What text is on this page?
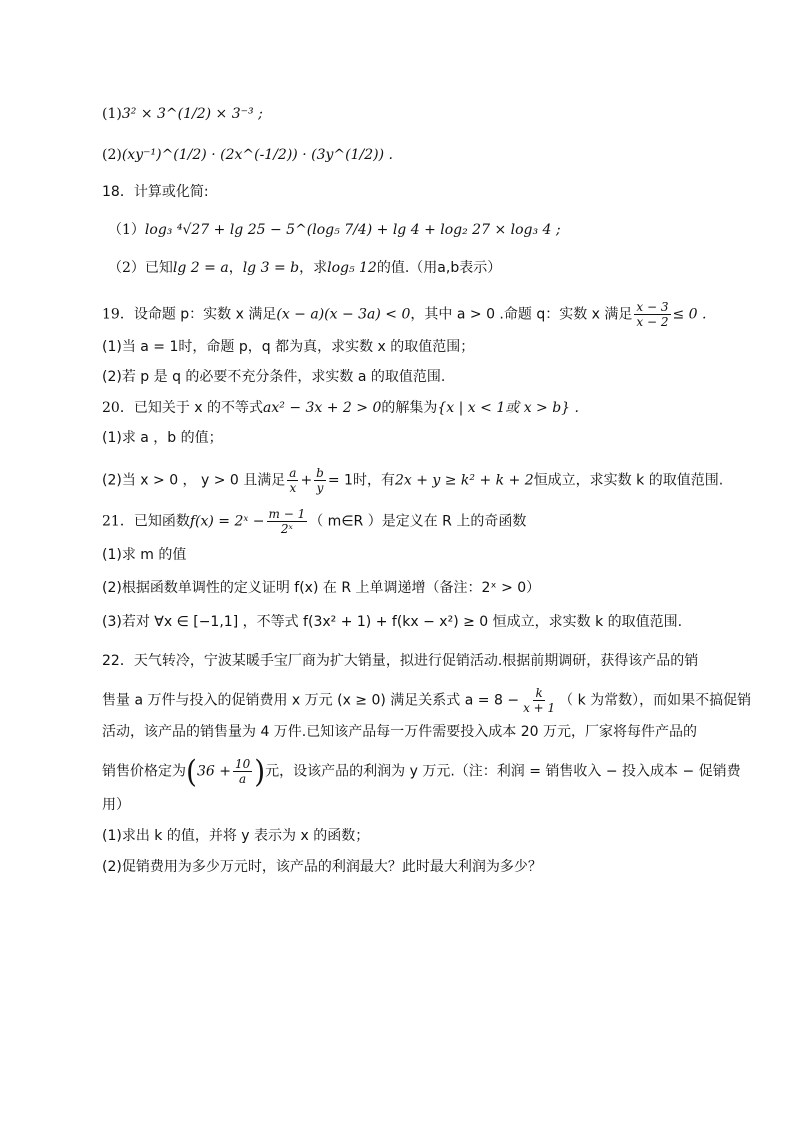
(1)3² × 3^(1/2) × 3⁻³ ;
(2)(xy⁻¹)^(1/2) · (2x^(-1/2)) · (3y^(1/2)) .
18．计算或化简:
（1）log₃ ⁴√27 + lg 25 − 5^(log₅ 7/4) + lg 4 + log₂ 27 × log₃ 4 ;
（2）已知lg 2 = a，lg 3 = b，求log₅ 12的值.（用a,b表示）
19．设命题 p：实数 x 满足(x − a)(x − 3a) < 0，其中 a > 0 .命题 q：实数 x 满足 $\frac{x - 3}{x - 2} \le 0$ .
(1)当 a = 1时，命题 p，q 都为真，求实数 x 的取值范围；
(2)若 p 是 q 的必要不充分条件，求实数 a 的取值范围.
20．已知关于 x 的不等式ax² − 3x + 2 > 0的解集为{x | x < 1或 x > b} .
(1)求 a ，b 的值；
(2)当 x > 0 ， y > 0 且满足 $\frac{a}{x} + \frac{b}{y} = 1$时，有2x + y ≥ k² + k + 2恒成立，求实数 k 的取值范围.
21．已知函数f(x) = 2ˣ − $\frac{m - 1}{\text{2ˣ}}$ （ m∈R ）是定义在 R 上的奇函数
(1)求 m 的值
(2)根据函数单调性的定义证明 f(x) 在 R 上单调递增（备注：2ˣ > 0）
(3)若对 ∀x ∈ [−1,1] ，不等式 f(3x² + 1) + f(kx − x²) ≥ 0 恒成立，求实数 k 的取值范围.
22．天气转冷，宁波某暖手宝厂商为扩大销量，拟进行促销活动.根据前期调研，获得该产品的销
售量 a 万件与投入的促销费用 x 万元 (x ≥ 0) 满足关系式 $a = 8 - \frac{k}{x + 1}$ （ k 为常数），而如果不搞促销
活动，该产品的销售量为 4 万件.已知该产品每一万件需要投入成本 20 万元，厂家将每件产品的
销售价格定为($36 + \frac{10}{a}$ )元，设该产品的利润为 y 万元.（注：利润 = 销售收入 − 投入成本 − 促销费
用）
(1)求出 k 的值，并将 y 表示为 x 的函数；
(2)促销费用为多少万元时，该产品的利润最大？此时最大利润为多少？
